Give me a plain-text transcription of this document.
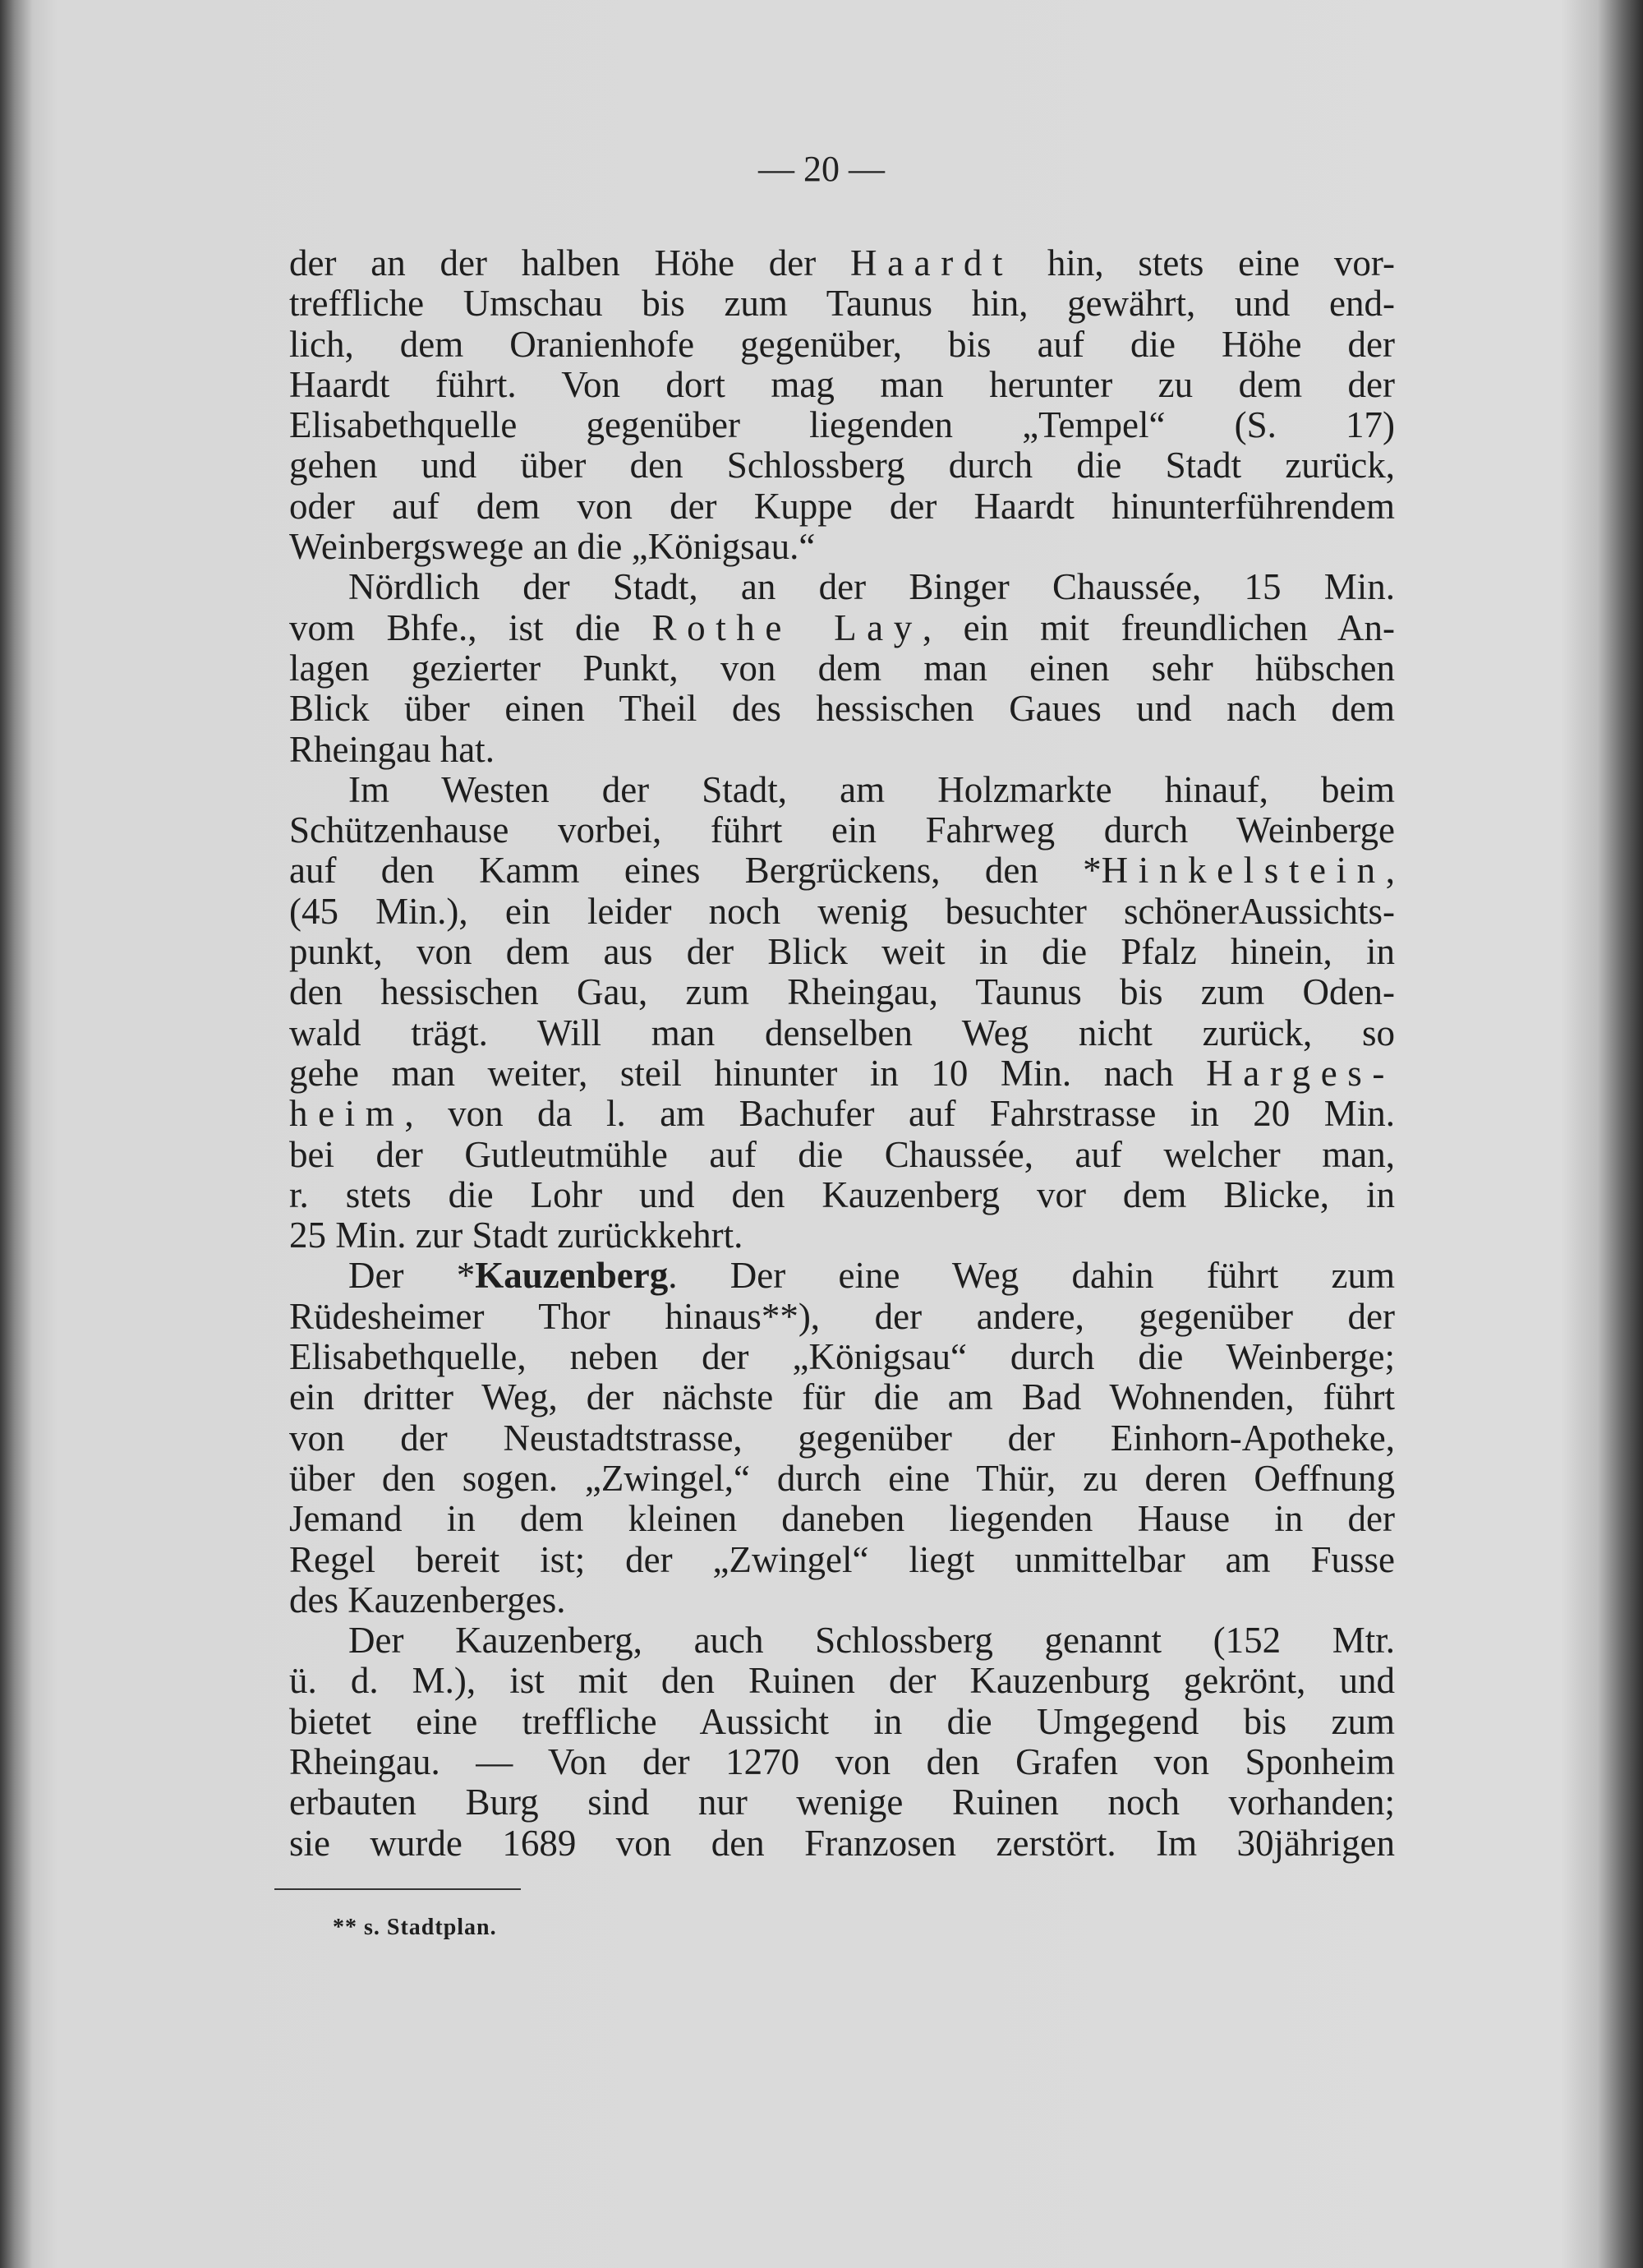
— 20 —
der an der halben Höhe der Haardt hin, stets eine vor-
treffliche Umschau bis zum Taunus hin, gewährt, und end-
lich, dem Oranienhofe gegenüber, bis auf die Höhe der
Haardt führt. Von dort mag man herunter zu dem der
Elisabethquelle gegenüber liegenden „Tempel“ (S. 17)
gehen und über den Schlossberg durch die Stadt zurück,
oder auf dem von der Kuppe der Haardt hinunterführendem
Weinbergswege an die „Königsau.“
Nördlich der Stadt, an der Binger Chaussée, 15 Min.
vom Bhfe., ist die Rothe Lay, ein mit freundlichen An-
lagen gezierter Punkt, von dem man einen sehr hübschen
Blick über einen Theil des hessischen Gaues und nach dem
Rheingau hat.
Im Westen der Stadt, am Holzmarkte hinauf, beim
Schützenhause vorbei, führt ein Fahrweg durch Weinberge
auf den Kamm eines Bergrückens, den *Hinkelstein,
(45 Min.), ein leider noch wenig besuchter schönerAussichts-
punkt, von dem aus der Blick weit in die Pfalz hinein, in
den hessischen Gau, zum Rheingau, Taunus bis zum Oden-
wald trägt. Will man denselben Weg nicht zurück, so
gehe man weiter, steil hinunter in 10 Min. nach Harges-
heim, von da l. am Bachufer auf Fahrstrasse in 20 Min.
bei der Gutleutmühle auf die Chaussée, auf welcher man,
r. stets die Lohr und den Kauzenberg vor dem Blicke, in
25 Min. zur Stadt zurückkehrt.
Der *Kauzenberg. Der eine Weg dahin führt zum
Rüdesheimer Thor hinaus**), der andere, gegenüber der
Elisabethquelle, neben der „Königsau“ durch die Weinberge;
ein dritter Weg, der nächste für die am Bad Wohnenden, führt
von der Neustadtstrasse, gegenüber der Einhorn-Apotheke,
über den sogen. „Zwingel,“ durch eine Thür, zu deren Oeffnung
Jemand in dem kleinen daneben liegenden Hause in der
Regel bereit ist; der „Zwingel“ liegt unmittelbar am Fusse
des Kauzenberges.
Der Kauzenberg, auch Schlossberg genannt (152 Mtr.
ü. d. M.), ist mit den Ruinen der Kauzenburg gekrönt, und
bietet eine treffliche Aussicht in die Umgegend bis zum
Rheingau. — Von der 1270 von den Grafen von Sponheim
erbauten Burg sind nur wenige Ruinen noch vorhanden;
sie wurde 1689 von den Franzosen zerstört. Im 30jährigen
** s. Stadtplan.
